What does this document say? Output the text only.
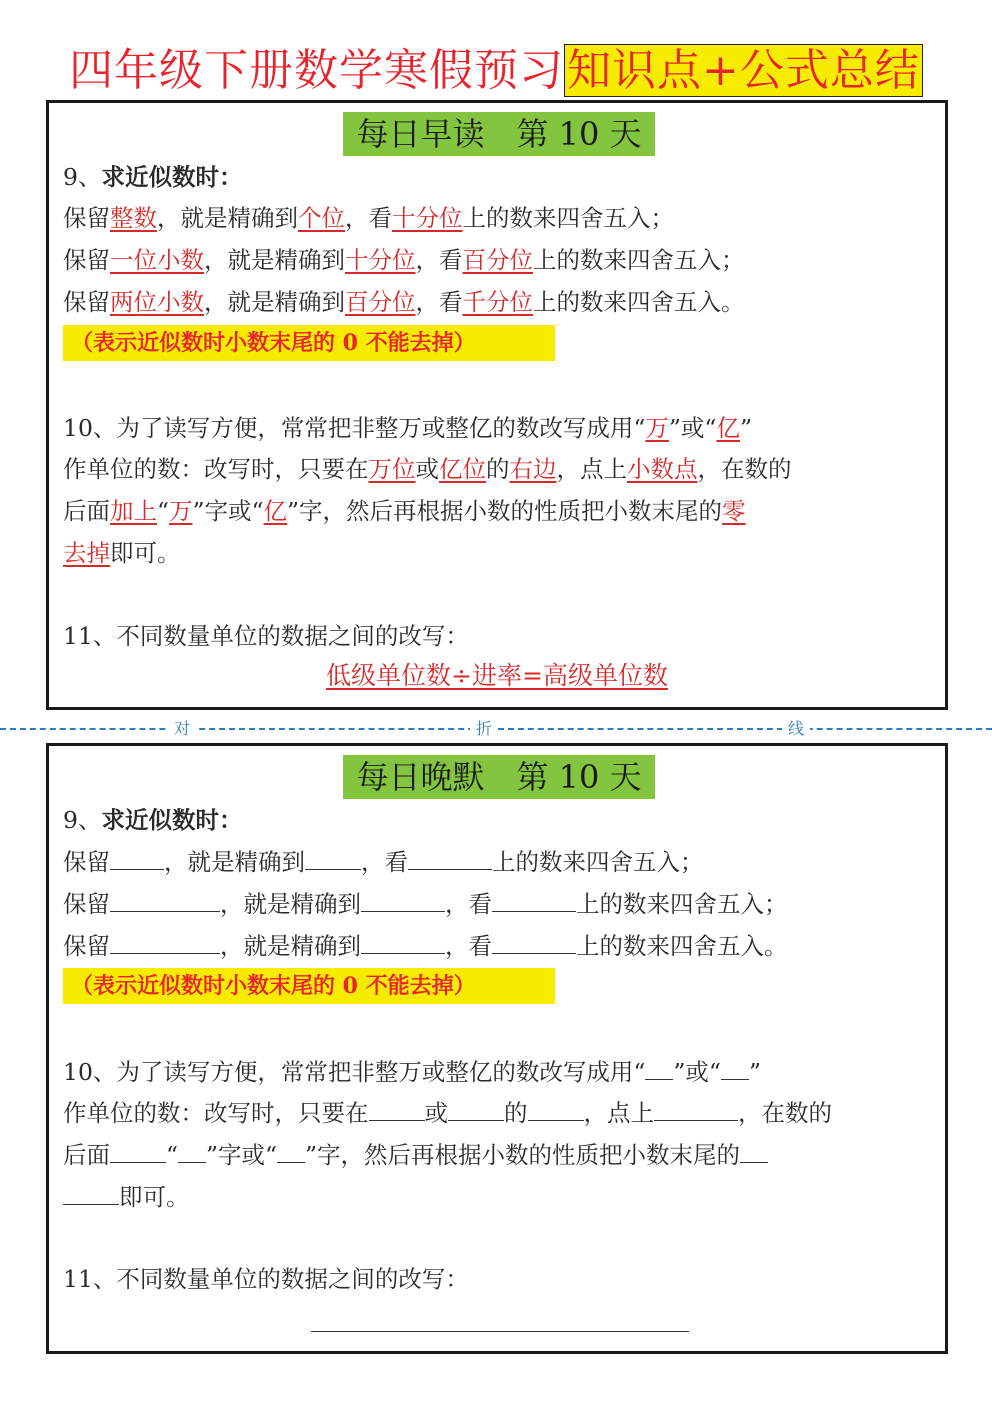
四年级下册数学寒假预习知识点+公式总结
每日早读　第 10 天
9、求近似数时：
保留整数，就是精确到个位，看十分位上的数来四舍五入；
保留一位小数，就是精确到十分位，看百分位上的数来四舍五入；
保留两位小数，就是精确到百分位，看千分位上的数来四舍五入。
（表示近似数时小数末尾的 0 不能去掉）
10、为了读写方便，常常把非整万或整亿的数改写成用“万”或“亿”
作单位的数：改写时，只要在万位或亿位的右边，点上小数点，在数的
后面加上“万”字或“亿”字，然后再根据小数的性质把小数末尾的零
去掉即可。
11、不同数量单位的数据之间的改写：
低级单位数÷进率=高级单位数
对	折	线
每日晚默　第 10 天
9、求近似数时：
保留 ，就是精确到 ，看	上的数来四舍五入；
保留	，就是精确到	，看	上的数来四舍五入；
保留	，就是精确到	，看	上的数来四舍五入。
（表示近似数时小数末尾的 0 不能去掉）
10、为了读写方便，常常把非整万或整亿的数改写成用“ ”或“ ”
作单位的数：改写时，只要在 或 的 ，点上	，在数的
后面 “ ”字或“ ”字，然后再根据小数的性质把小数末尾的
即可。
11、不同数量单位的数据之间的改写：
